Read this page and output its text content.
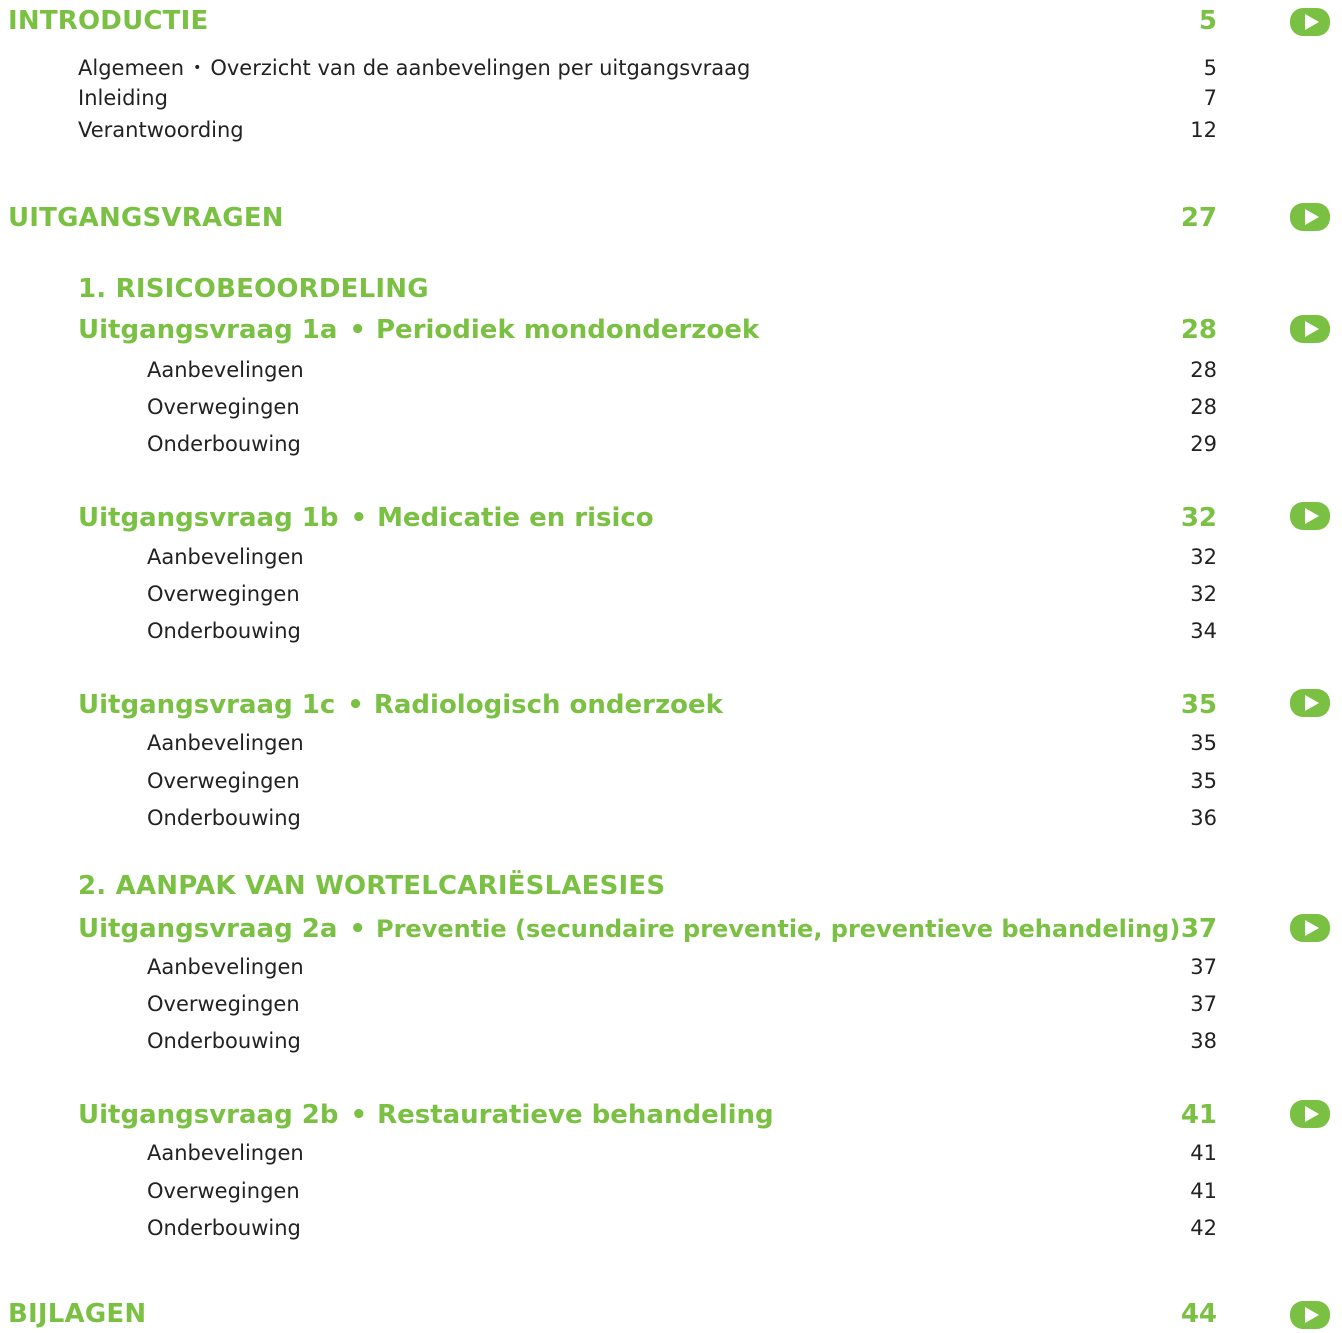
INTRODUCTIE	5
Algemeen • Overzicht van de aanbevelingen per uitgangsvraag	5
Inleiding	7
Verantwoording	12
UITGANGSVRAGEN	27
1. RISICOBEOORDELING
Uitgangsvraag 1a • Periodiek mondonderzoek	28
Aanbevelingen	28
Overwegingen	28
Onderbouwing	29
Uitgangsvraag 1b • Medicatie en risico	32
Aanbevelingen	32
Overwegingen	32
Onderbouwing	34
Uitgangsvraag 1c • Radiologisch onderzoek	35
Aanbevelingen	35
Overwegingen	35
Onderbouwing	36
2. AANPAK VAN WORTELCARIËSLAESIES
Uitgangsvraag 2a • Preventie (secundaire preventie, preventieve behandeling) 37
Aanbevelingen	37
Overwegingen	37
Onderbouwing	38
Uitgangsvraag 2b • Restauratieve behandeling	41
Aanbevelingen	41
Overwegingen	41
Onderbouwing	42
BIJLAGEN	44
